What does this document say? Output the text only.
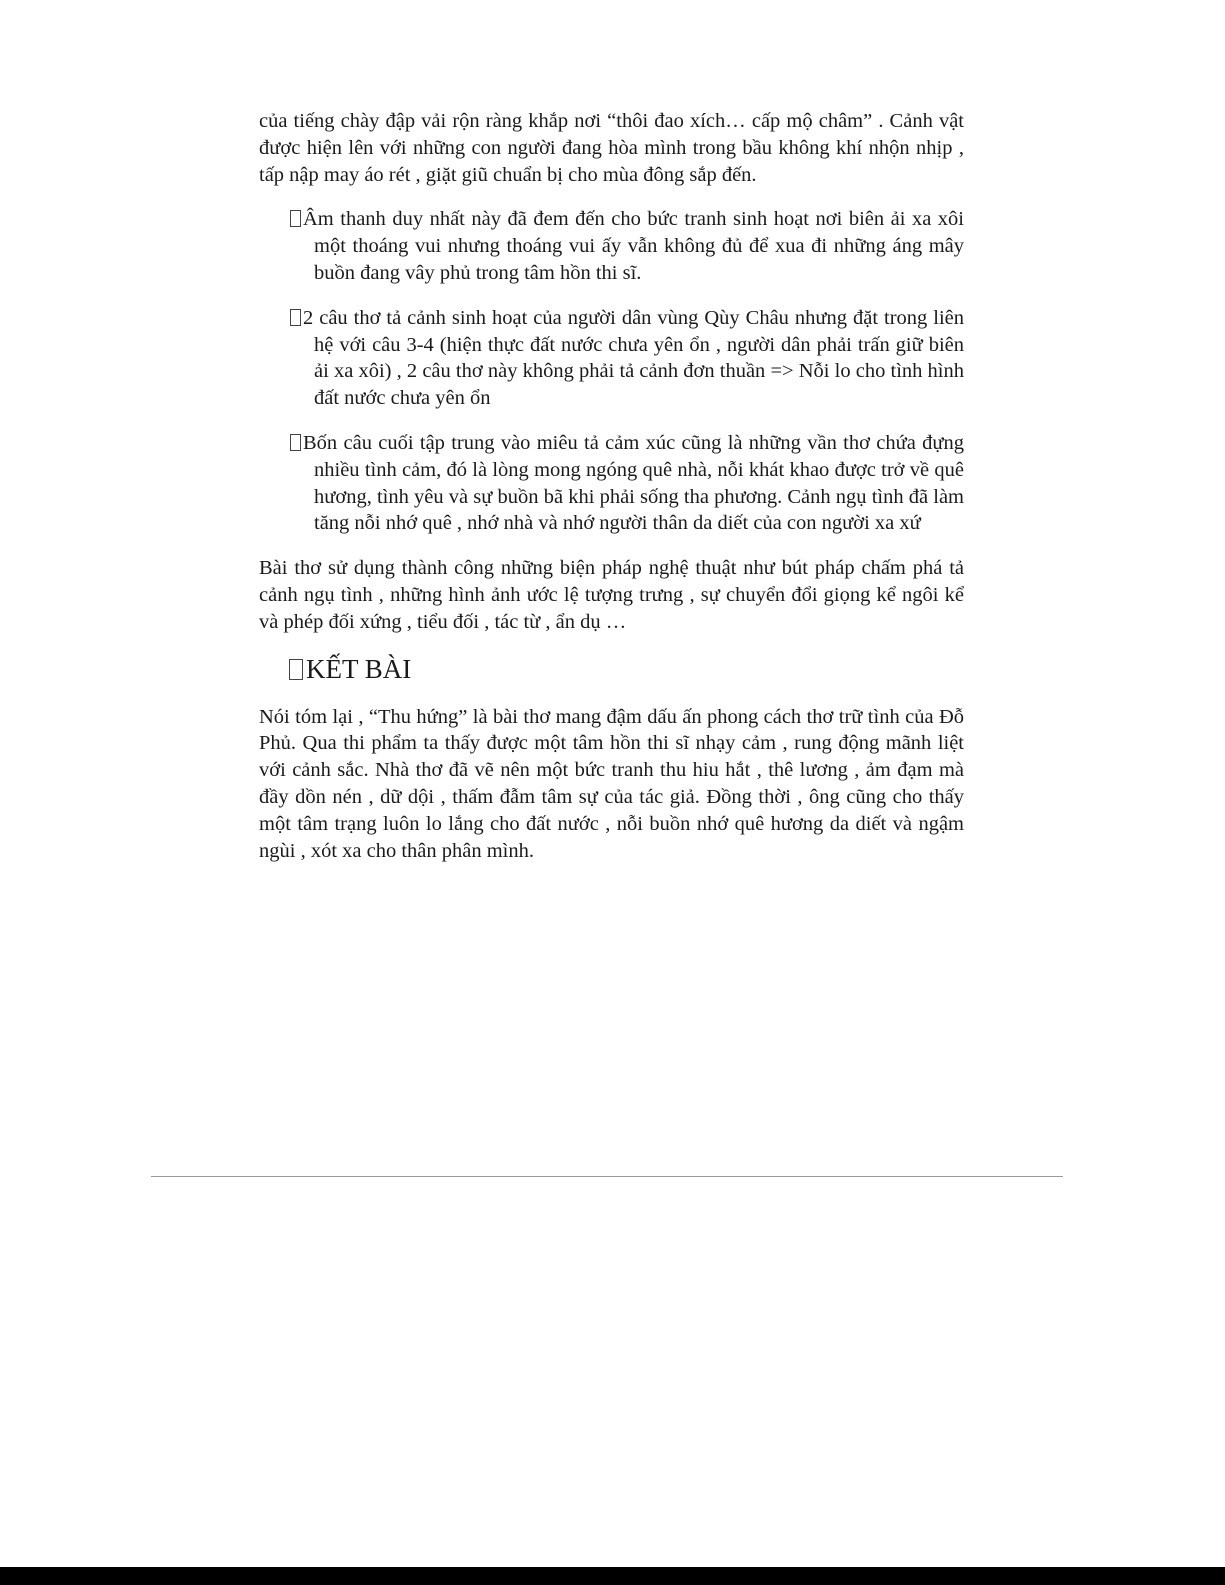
của tiếng chày đập vải rộn ràng khắp nơi “thôi đao xích… cấp mộ châm” . Cảnh vật được hiện lên với những con người đang hòa mình trong bầu không khí nhộn nhịp , tấp nập may áo rét , giặt giũ chuẩn bị cho mùa đông sắp đến.

Âm thanh duy nhất này đã đem đến cho bức tranh sinh hoạt nơi biên ải xa xôi một thoáng vui nhưng thoáng vui ấy vẫn không đủ để xua đi những áng mây buồn đang vây phủ trong tâm hồn thi sĩ.
2 câu thơ tả cảnh sinh hoạt của người dân vùng Qùy Châu nhưng đặt trong liên hệ với câu 3-4 (hiện thực đất nước chưa yên ổn , người dân phải trấn giữ biên ải xa xôi) , 2 câu thơ này không phải tả cảnh đơn thuần => Nỗi lo cho tình hình đất nước chưa yên ổn
Bốn câu cuối tập trung vào miêu tả cảm xúc cũng là những vần thơ chứa đựng nhiều tình cảm, đó là lòng mong ngóng quê nhà, nỗi khát khao được trở về quê hương, tình yêu và sự buồn bã khi phải sống tha phương. Cảnh ngụ tình đã làm tăng nỗi nhớ quê , nhớ nhà và nhớ người thân da diết của con người xa xứ

Bài thơ sử dụng thành công những biện pháp nghệ thuật như bút pháp chấm phá tả cảnh ngụ tình , những hình ảnh ước lệ tượng trưng , sự chuyển đổi giọng kể ngôi kể và phép đối xứng , tiểu đối , tác từ , ẩn dụ …

KẾT BÀI

Nói tóm lại , “Thu hứng” là bài thơ mang đậm dấu ấn phong cách thơ trữ tình của Đỗ Phủ. Qua thi phẩm ta thấy được một tâm hồn thi sĩ nhạy cảm , rung động mãnh liệt với cảnh sắc. Nhà thơ đã vẽ nên một bức tranh thu hiu hắt , thê lương , ảm đạm mà đầy dồn nén , dữ dội , thấm đẫm tâm sự của tác giả. Đồng thời , ông cũng cho thấy một tâm trạng luôn lo lắng cho đất nước , nỗi buồn nhớ quê hương da diết và ngậm ngùi , xót xa cho thân phân mình.
